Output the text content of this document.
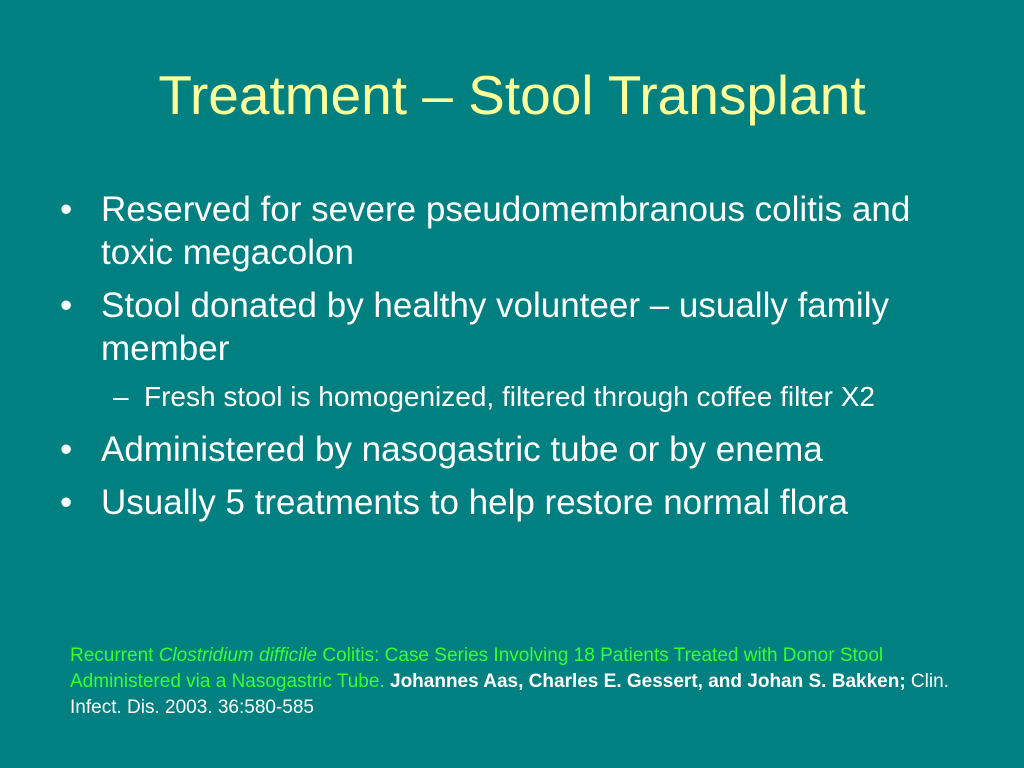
Treatment – Stool Transplant
• Reserved for severe pseudomembranous colitis and toxic megacolon
• Stool donated by healthy volunteer – usually family member
– Fresh stool is homogenized, filtered through coffee filter X2
• Administered by nasogastric tube or by enema
• Usually 5 treatments to help restore normal flora
Recurrent Clostridium difficile Colitis: Case Series Involving 18 Patients Treated with Donor Stool Administered via a Nasogastric Tube. Johannes Aas, Charles E. Gessert, and Johan S. Bakken; Clin. Infect. Dis. 2003. 36:580-585
